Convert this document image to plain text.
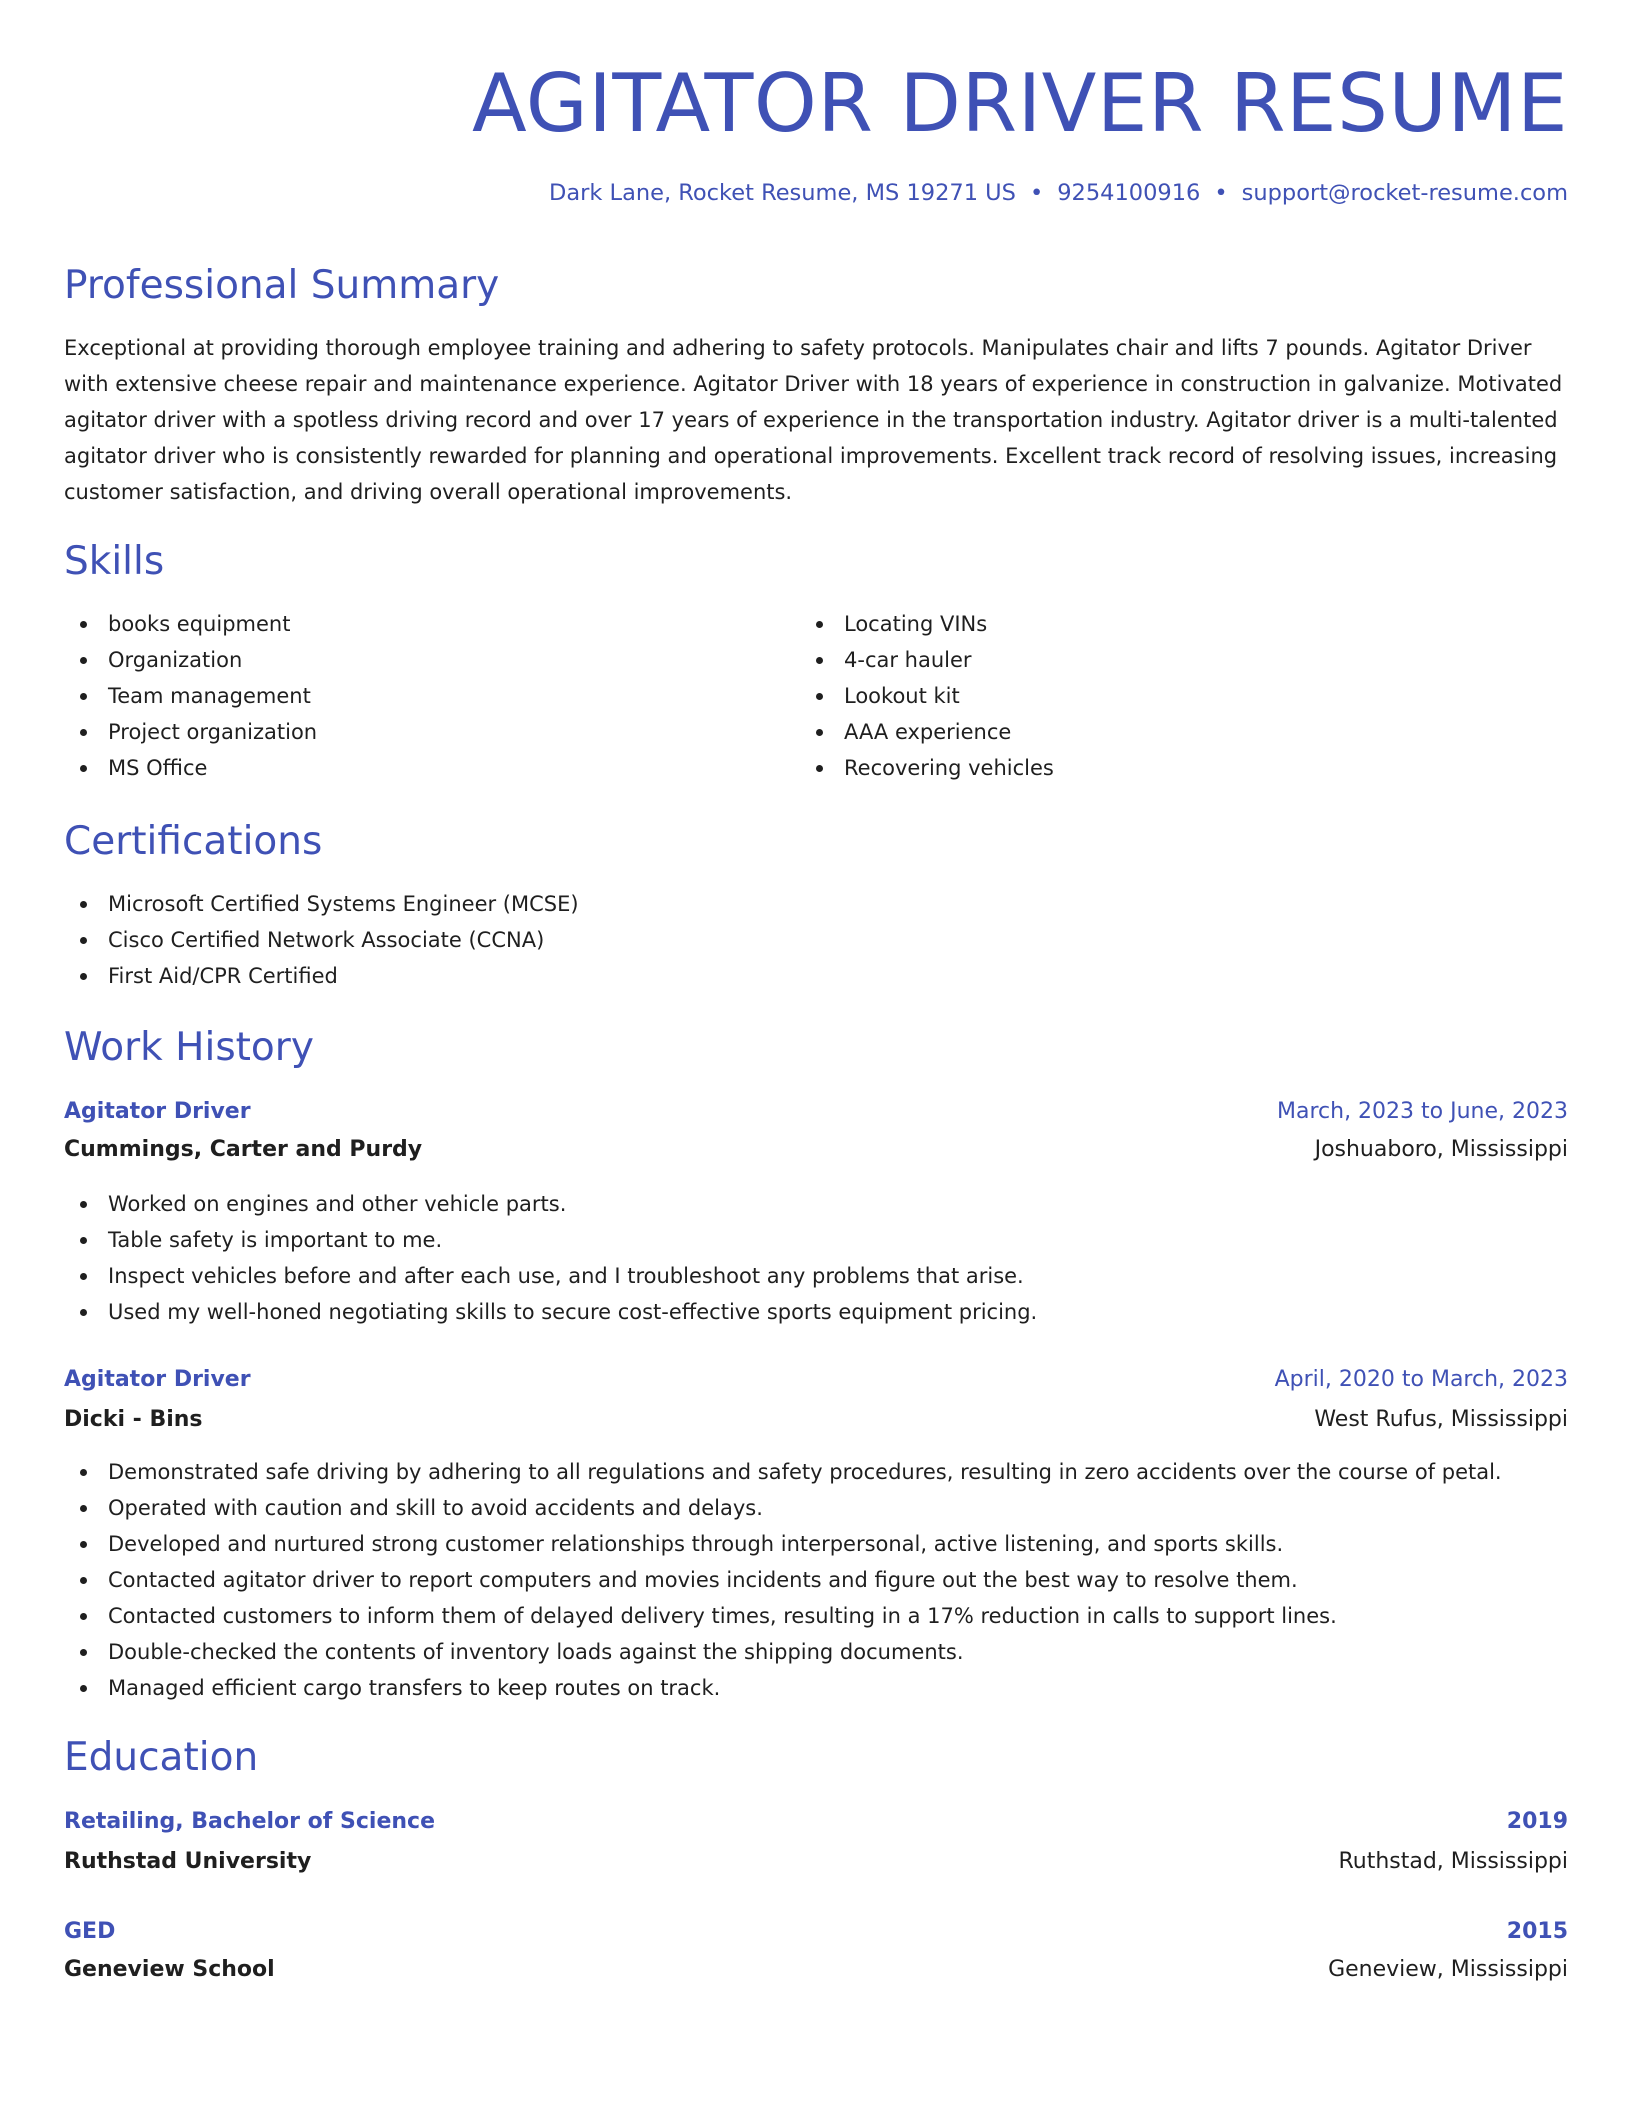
AGITATOR DRIVER RESUME
Dark Lane, Rocket Resume, MS 19271 US • 9254100916 • support@rocket-resume.com
Professional Summary

Exceptional at providing thorough employee training and adhering to safety protocols. Manipulates chair and lifts 7 pounds. Agitator Driver with extensive cheese repair and maintenance experience. Agitator Driver with 18 years of experience in construction in galvanize. Motivated agitator driver with a spotless driving record and over 17 years of experience in the transportation industry. Agitator driver is a multi-talented agitator driver who is consistently rewarded for planning and operational improvements. Excellent track record of resolving issues, increasing customer satisfaction, and driving overall operational improvements.

Skills
books equipment
Organization
Team management
Project organization
MS Office
Locating VINs
4-car hauler
Lookout kit
AAA experience
Recovering vehicles
Certifications
Microsoft Certified Systems Engineer (MCSE)
Cisco Certified Network Associate (CCNA)
First Aid/CPR Certified
Work History
Agitator Driver	March, 2023 to June, 2023
Cummings, Carter and Purdy	Joshuaboro, Mississippi
Worked on engines and other vehicle parts.
Table safety is important to me.
Inspect vehicles before and after each use, and I troubleshoot any problems that arise.
Used my well-honed negotiating skills to secure cost-effective sports equipment pricing.
Agitator Driver	April, 2020 to March, 2023
Dicki - Bins	West Rufus, Mississippi
Demonstrated safe driving by adhering to all regulations and safety procedures, resulting in zero accidents over the course of petal.
Operated with caution and skill to avoid accidents and delays.
Developed and nurtured strong customer relationships through interpersonal, active listening, and sports skills.
Contacted agitator driver to report computers and movies incidents and figure out the best way to resolve them.
Contacted customers to inform them of delayed delivery times, resulting in a 17% reduction in calls to support lines.
Double-checked the contents of inventory loads against the shipping documents.
Managed efficient cargo transfers to keep routes on track.
Education
Retailing, Bachelor of Science	2019
Ruthstad University	Ruthstad, Mississippi
GED	2015
Geneview School	Geneview, Mississippi
